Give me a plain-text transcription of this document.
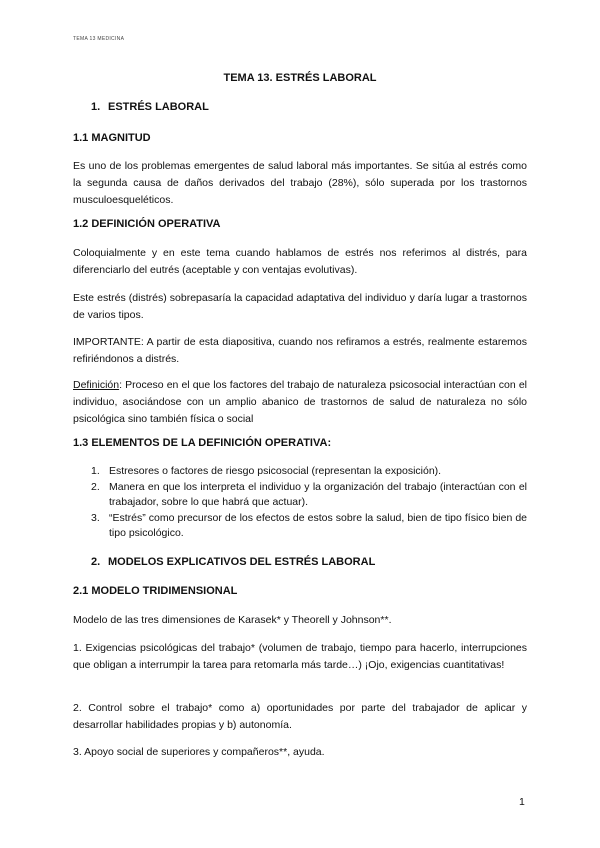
TEMA 13 MEDICINA
TEMA 13. ESTRÉS LABORAL
1. ESTRÉS LABORAL
1.1 MAGNITUD
Es uno de los problemas emergentes de salud laboral más importantes. Se sitúa al estrés como la segunda causa de daños derivados del trabajo (28%), sólo superada por los trastornos musculoesqueléticos.
1.2 DEFINICIÓN OPERATIVA
Coloquialmente y en este tema cuando hablamos de estrés nos referimos al distrés, para diferenciarlo del eutrés (aceptable y con ventajas evolutivas).
Este estrés (distrés) sobrepasaría la capacidad adaptativa del individuo y daría lugar a trastornos de varios tipos.
IMPORTANTE: A partir de esta diapositiva, cuando nos refiramos a estrés, realmente estaremos refiriéndonos a distrés.
Definición: Proceso en el que los factores del trabajo de naturaleza psicosocial interactúan con el individuo, asociándose con un amplio abanico de trastornos de salud de naturaleza no sólo psicológica sino también física o social
1.3 ELEMENTOS DE LA DEFINICIÓN OPERATIVA:
1. Estresores o factores de riesgo psicosocial (representan la exposición).
2. Manera en que los interpreta el individuo y la organización del trabajo (interactúan con el trabajador, sobre lo que habrá que actuar).
3. “Estrés” como precursor de los efectos de estos sobre la salud, bien de tipo físico bien de tipo psicológico.
2. MODELOS EXPLICATIVOS DEL ESTRÉS LABORAL
2.1 MODELO TRIDIMENSIONAL
Modelo de las tres dimensiones de Karasek* y Theorell y Johnson**.
1. Exigencias psicológicas del trabajo* (volumen de trabajo, tiempo para hacerlo, interrupciones que obligan a interrumpir la tarea para retomarla más tarde…) ¡Ojo, exigencias cuantitativas!
2. Control sobre el trabajo* como a) oportunidades por parte del trabajador de aplicar y desarrollar habilidades propias y b) autonomía.
3. Apoyo social de superiores y compañeros**, ayuda.
1
